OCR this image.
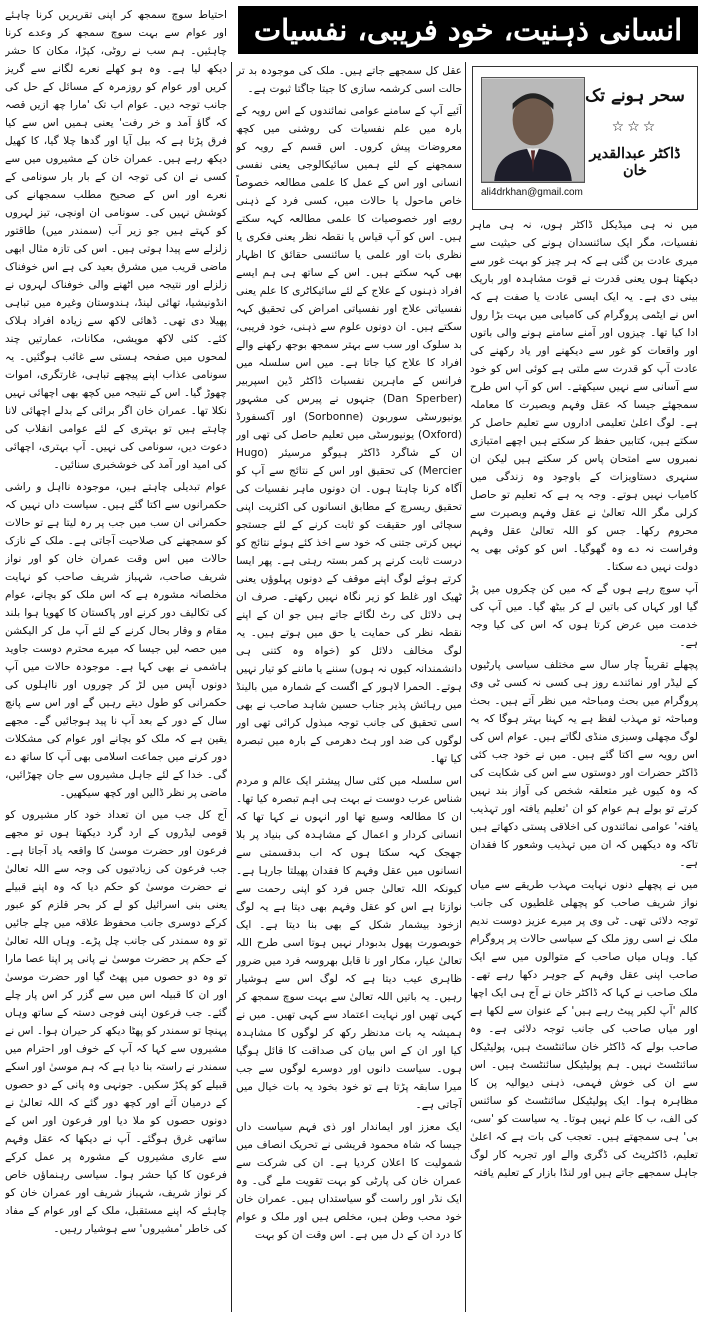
انسانی ذہنیت، خود فریبی، نفسیات
سحر ہونے تک
☆☆☆
ڈاکٹر عبدالقدیر خان
ali4drkhan@gmail.com

میں نہ ہی میڈیکل ڈاکٹر ہوں، نہ ہی ماہر نفسیات، مگر ایک سائنسدان ہونے کی حیثیت سے میری عادت بن گئی ہے کہ ہر چیز کو بہت غور سے دیکھتا ہوں یعنی قدرت نے قوت مشاہدہ اور باریک بینی دی ہے۔ یہ ایک ایسی عادت یا صفت ہے کہ اس نے ایٹمی پروگرام کی کامیابی میں بہت بڑا رول ادا کیا تھا۔ چیزوں اور آمنے سامنے ہونے والی باتوں اور واقعات کو غور سے دیکھنے اور یاد رکھنے کی عادت آپ کو قدرت سے ملتی ہے کوئی اس کو خود سے آسانی سے نہیں سیکھتے۔ اس کو آپ اس طرح سمجھئے جیسا کہ عقل وفہم وبصیرت کا معاملہ ہے۔ لوگ اعلیٰ تعلیمی اداروں سے تعلیم حاصل کر سکتے ہیں، کتابیں حفظ کر سکتے ہیں اچھے امتیازی نمبروں سے امتحان پاس کر سکتے ہیں لیکن ان سنہری دستاویزات کے باوجود وہ زندگی میں کامیاب نہیں ہوتے۔ وجہ یہ ہے کہ تعلیم تو حاصل کرلی مگر اللہ تعالیٰ نے عقل وفہم وبصیرت سے محروم رکھا۔ جس کو اللہ تعالیٰ عقل وفہم وفراست نہ دے وہ گھوگیا۔ اس کو کوئی بھی یہ دولت نہیں دے سکتا۔

آپ سوچ رہے ہوں گے کہ میں کن چکروں میں پڑ گیا اور کہاں کی باتیں لے کر بیٹھ گیا۔ میں آپ کی خدمت میں عرض کرتا ہوں کہ اس کی کیا وجہ ہے۔

پچھلے تقریباً چار سال سے مختلف سیاسی پارٹیوں کے لیڈر اور نمائندے روز ہی کسی نہ کسی ٹی وی پروگرام میں بحث ومباحثہ میں نظر آتے ہیں۔ بحث ومباحثہ تو مہذب لفظ ہے یہ کہنا بہتر ہوگا کہ یہ لوگ مچھلی وسبزی منڈی لگاتے ہیں۔ عوام اس کی اس رویہ سے اکتا گئے ہیں۔ میں نے خود جب کئی ڈاکٹر حضرات اور دوستوں سے اس کی شکایت کی کہ وہ کیوں غیر متعلقہ شخص کی آواز بند نہیں کرتے تو بولے ہم عوام کو ان 'تعلیم یافتہ اور تہذیب یافتہ' عوامی نمائندوں کی اخلاقی پستی دکھاتے ہیں تاکہ وہ دیکھیں کہ ان میں تہذیب وشعور کا فقدان ہے۔

میں نے پچھلے دنوں نہایت مہذب طریقے سے میاں نواز شریف صاحب کو پچھلی غلطیوں کی جانب توجہ دلائی تھی۔ ٹی وی پر میرے عزیز دوست ندیم ملک نے اسی روز ملک کے سیاسی حالات پر پروگرام کیا۔ وہاں میاں صاحب کے متوالوں میں سے ایک صاحب اپنی عقل وفہم کے جوہر دکھا رہے تھے۔ ملک صاحب نے کہا کہ ڈاکٹر خان نے آج ہی ایک اچھا کالم 'آپ لکیر پیٹ رہے ہیں' کے عنوان سے لکھا ہے اور میاں صاحب کی جانب توجہ دلائی ہے۔ وہ صاحب بولے کہ ڈاکٹر خان سائنٹسٹ ہیں، پولیٹیکل سائنٹسٹ نہیں۔ ہم پولیٹیکل سائنٹسٹ ہیں۔ اس سے ان کی خوش فہمی، ذہنی دیوالیہ پن کا مظاہرہ ہوا۔ ایک پولیٹیکل سائنٹسٹ کو سائنس کی الف، ب کا علم نہیں ہوتا۔ یہ سیاست کو 'سی، بی' ہی سمجھتے ہیں۔ تعجب کی بات ہے کہ اعلیٰ تعلیم، ڈاکٹریٹ کی ڈگری والے اور تجربہ کار لوگ جاہل سمجھے جاتے ہیں اور لنڈا بازار کے تعلیم یافتہ

عقل کل سمجھے جاتے ہیں۔ ملک کی موجودہ بد تر حالت اسی کرشمہ سازی کا جیتا جاگتا ثبوت ہے۔

آئیے آپ کے سامنے عوامی نمائندوں کے اس رویہ کے بارہ میں علم نفسیات کی روشنی میں کچھ معروضات پیش کروں۔ اس قسم کے رویہ کو سمجھنے کے لئے ہمیں سائیکالوجی یعنی نفسی انسانی اور اس کے عمل کا علمی مطالعہ خصوصاً خاص ماحول یا حالات میں، کسی فرد کے ذہنی رویے اور خصوصیات کا علمی مطالعہ کہہ سکتے ہیں۔ اس کو آپ قیاس یا نقطہ نظر یعنی فکری یا نظری بات اور علمی یا سائنسی حقائق کا اظہار بھی کہہ سکتے ہیں۔ اس کے ساتھ ہی ہم ایسے افراد ذہنوں کے علاج کے لئے سائیکاٹری کا علم یعنی نفسیاتی علاج اور نفسیاتی امراض کی تحقیق کہہ سکتے ہیں۔ ان دونوں علوم سے ذہنی، خود فریبی، بد سلوک اور سب سے بہتر سمجھ بوجھ رکھنے والے افراد کا علاج کیا جاتا ہے۔ میں اس سلسلہ میں فرانس کے ماہرین نفسیات ڈاکٹر ڈین اسپربیر (Dan Sperber) جنہوں نے پیرس کی مشہور یونیورسٹی سوربون (Sorbonne) اور آکسفورڈ (Oxford) یونیورسٹی میں تعلیم حاصل کی تھی اور ان کے شاگرد ڈاکٹر ہیوگو مرسیئر (Hugo Mercier) کی تحقیق اور اس کے نتائج سے آپ کو آگاہ کرنا چاہتا ہوں۔ ان دونوں ماہر نفسیات کی تحقیق ریسرچ کے مطابق انسانوں کی اکثریت اپنی سچائی اور حقیقت کو ثابت کرنے کے لئے جستجو نہیں کرتی جتنی کہ خود سے اخذ کئے ہوئے نتائج کو درست ثابت کرنے پر کمر بستہ رہتی ہے۔ پھر ایسا کرتے ہوئے لوگ اپنے موقف کے دونوں پہلوؤں یعنی ٹھیک اور غلط کو زیر نگاہ نہیں رکھتے۔ صرف ان ہی دلائل کی رٹ لگائے جاتے ہیں جو ان کے اپنے نقطہ نظر کی حمایت یا حق میں ہوتے ہیں۔ یہ لوگ مخالف دلائل کو (خواہ وہ کتنی ہی دانشمندانہ کیوں نہ ہوں) سننے یا ماننے کو تیار نہیں ہوتے۔ الحمرا لاہور کے اگست کے شمارہ میں بالینڈ میں رہائش پذیر جناب حسین شاہد صاحب نے بھی اسی تحقیق کی جانب توجہ مبذول کرائی تھی اور لوگوں کی ضد اور ہٹ دھرمی کے بارہ میں تبصرہ کیا تھا۔

اس سلسلہ میں کئی سال پیشتر ایک عالم و مردم شناس عرب دوست نے بہت ہی اہم تبصرہ کیا تھا۔ ان کا مطالعہ وسیع تھا اور انہوں نے کہا تھا کہ انسانی کردار و اعمال کے مشاہدہ کی بنیاد پر بلا جھجک کہہ سکتا ہوں کہ اب بدقسمتی سے انسانوں میں عقل وفہم کا فقدان پھیلتا جارہا ہے۔ کیونکہ اللہ تعالیٰ جس فرد کو اپنی رحمت سے نوازتا ہے اس کو عقل وفہم بھی دیتا ہے یہ لوگ ازخود بیشمار شکل کے بھی بنا دیتا ہے۔ ایک خوبصورت پھول بدبودار نہیں ہوتا اسی طرح اللہ تعالیٰ عیار، مکار اور نا قابل بھروسہ فرد میں ضرور ظاہری عیب دیتا ہے کہ لوگ اس سے ہوشیار رہیں۔ یہ باتیں اللہ تعالیٰ سے بہت سوچ سمجھ کر کہی تھیں اور نہایت اعتماد سے کہی تھیں۔ میں نے ہمیشہ یہ بات مدنظر رکھ کر لوگوں کا مشاہدہ کیا اور ان کے اس بیان کی صداقت کا قائل ہوگیا ہوں۔ سیاست دانوں اور دوسرے لوگوں سے جب میرا سابقہ پڑتا ہے تو خود بخود یہ بات خیال میں آجاتی ہے۔

ایک معزز اور ایماندار اور ذی فہم سیاست داں جیسا کہ شاہ محمود قریشی نے تحریک انصاف میں شمولیت کا اعلان کردیا ہے۔ ان کی شرکت سے عمران خان کی پارٹی کو بہت تقویت ملے گی۔ وہ ایک نڈر اور راست گو سیاستداں ہیں۔ عمران خان خود محب وطن ہیں، مخلص ہیں اور ملک و عوام کا درد ان کے دل میں ہے۔ اس وقت ان کو بہت

احتیاط سوچ سمجھ کر اپنی تقریریں کرنا چاہئے اور عوام سے بہت سوچ سمجھ کر وعدے کرنا چاہئیں۔ ہم سب نے روٹی، کپڑا، مکان کا حشر دیکھ لیا ہے۔ وہ ہو کھلے نعرے لگانے سے گریز کریں اور عوام کو روزمرہ کے مسائل کے حل کی جانب توجہ دیں۔ عوام اب تک 'مارا چھ ازیں قصہ کہ گاؤ آمد و خر رفت' یعنی ہمیں اس سے کیا فرق پڑتا ہے کہ بیل آیا اور گدھا چلا گیا، کا کھیل دیکھ رہے ہیں۔ عمران خان کے مشیروں میں سے کسی نے ان کی توجہ ان کے بار بار سونامی کے نعرے اور اس کے صحیح مطلب سمجھانے کی کوشش نہیں کی۔ سونامی ان اونچی، تیز لہروں کو کہتے ہیں جو زیر آب (سمندر میں) طاقتور زلزلے سے پیدا ہوتی ہیں۔ اس کی تازہ مثال ابھی ماضی قریب میں مشرق بعید کی ہے اس خوفناک زلزلے اور نتیجہ میں اٹھنے والی خوفناک لہروں نے انڈونیشیا، تھائی لینڈ، ہندوستان وغیرہ میں تباہی پھیلا دی تھی۔ ڈھائی لاکھ سے زیادہ افراد ہلاک کئے۔ کئی لاکھ مویشی، مکانات، عمارتیں چند لمحوں میں صفحہ ہستی سے غائب ہوگئیں۔ یہ سونامی عذاب اپنے پیچھے تباہی، غارتگری، اموات چھوڑ گیا۔ اس کے نتیجہ میں کچھ بھی اچھائی نہیں نکلا تھا۔ عمران خان اگر برائی کے بدلے اچھائی لانا چاہتے ہیں تو بہتری کے لئے عوامی انقلاب کی دعوت دیں، سونامی کی نہیں۔ آپ بہتری، اچھائی کی امید اور آمد کی خوشخبری سنائیں۔

عوام تبدیلی چاہتے ہیں، موجودہ نااہل و راشی حکمرانوں سے اکتا گئے ہیں۔ سیاست داں نہیں کہ حکمرانی ان سب میں جب پر رہ لیتا ہے تو حالات کو سمجھنے کی صلاحیت آجاتی ہے۔ ملک کے نازک حالات میں اس وقت عمران خان کو اور نواز شریف صاحب، شہباز شریف صاحب کو نہایت مخلصانہ مشورہ ہے کہ اس ملک کو بچانے، عوام کی تکالیف دور کرنے اور پاکستان کا کھویا ہوا بلند مقام و وقار بحال کرنے کے لئے آپ مل کر الیکشن میں حصہ لیں جیسا کہ میرے محترم دوست جاوید ہاشمی نے بھی کہا ہے۔ موجودہ حالات میں آپ دونوں آپس میں لڑ کر چوروں اور نااہلوں کی حکمرانی کو طول دیتے رہیں گے اور اس سے پانچ سال کے دور کے بعد آپ نا پید ہوجائیں گے۔ مجھے یقین ہے کہ ملک کو بچانے اور عوام کی مشکلات دور کرنے میں جماعت اسلامی بھی آپ کا ساتھ دے گی۔ خدا کے لئے جاہل مشیروں سے جان چھڑائیں، ماضی پر نظر ڈالیں اور کچھ سیکھیں۔

آج کل جب میں ان تعداد خود کار مشیروں کو قومی لیڈروں کے ارد گرد دیکھتا ہوں تو مجھے فرعون اور حضرت موسیٰ کا واقعہ یاد آجاتا ہے۔ جب فرعون کی زیادتیوں کی وجہ سے اللہ تعالیٰ نے حضرت موسیٰ کو حکم دیا کہ وہ اپنے قبیلے یعنی بنی اسرائیل کو لے کر بحر قلزم کو عبور کرکے دوسری جانب محفوظ علاقہ میں چلے جائیں تو وہ سمندر کی جانب چل پڑے۔ وہاں اللہ تعالیٰ کے حکم پر حضرت موسیٰ نے پانی پر اپنا عصا مارا تو وہ دو حصوں میں پھٹ گیا اور حضرت موسیٰ اور ان کا قبیلہ اس میں سے گزر کر اس پار چلے گئے۔ جب فرعون اپنی فوجی دستہ کے ساتھ وہاں پہنچا تو سمندر کو پھٹا دیکھ کر حیران ہوا۔ اس نے مشیروں سے کہا کہ آپ کے خوف اور احترام میں سمندر نے راستہ بنا دیا ہے کہ ہم موسیٰ اور اسکے قبیلے کو پکڑ سکیں۔ جونہی وہ پانی کے دو حصوں کے درمیان آئے اور کچھ دور گئے کہ اللہ تعالیٰ نے دونوں حصوں کو ملا دیا اور فرعون اور اس کے ساتھی غرق ہوگئے۔ آپ نے دیکھا کہ عقل وفہم سے عاری مشیروں کے مشورہ پر عمل کرکے فرعون کا کیا حشر ہوا۔ سیاسی رہنماؤں خاص کر نواز شریف، شہباز شریف اور عمران خان کو چاہئے کہ اپنے مستقبل، ملک کے اور عوام کے مفاد کی خاطر 'مشیروں' سے ہوشیار رہیں۔
